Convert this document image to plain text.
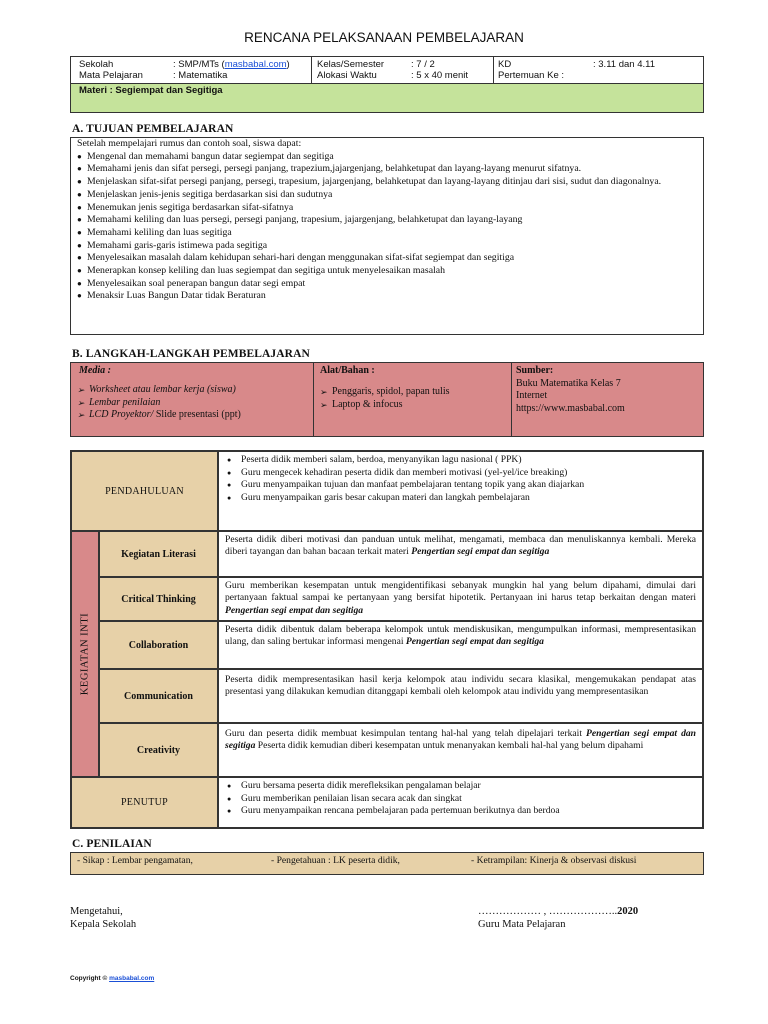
RENCANA PELAKSANAAN PEMBELAJARAN
Sekolah	: SMP/MTs (masbabal.com)	Kelas/Semester	: 7 / 2	KD	: 3.11 dan 4.11
Mata Pelajaran	: Matematika	Alokasi Waktu	: 5 x 40 menit	Pertemuan Ke :
Materi : Segiempat dan Segitiga
A. TUJUAN PEMBELAJARAN
Setelah mempelajari rumus dan contoh soal, siswa dapat:
● Mengenal dan memahami bangun datar segiempat dan segitiga
● Memahami jenis dan sifat persegi, persegi panjang, trapezium,jajargenjang, belahketupat dan layang-layang menurut sifatnya.
● Menjelaskan sifat-sifat persegi panjang, persegi, trapesium, jajargenjang, belahketupat dan layang-layang ditinjau dari sisi, sudut dan diagonalnya.
● Menjelaskan jenis-jenis segitiga berdasarkan sisi dan sudutnya
● Menemukan jenis segitiga berdasarkan sifat-sifatnya
● Memahami keliling dan luas persegi, persegi panjang, trapesium, jajargenjang, belahketupat dan layang-layang
● Memahami keliling dan luas segitiga
● Memahami garis-garis istimewa pada segitiga
● Menyelesaikan masalah dalam kehidupan sehari-hari dengan menggunakan sifat-sifat segiempat dan segitiga
● Menerapkan konsep keliling dan luas segiempat dan segitiga untuk menyelesaikan masalah
● Menyelesaikan soal penerapan bangun datar segi empat
● Menaksir Luas Bangun Datar tidak Beraturan
B. LANGKAH-LANGKAH PEMBELAJARAN
Media :
➢ Worksheet atau lembar kerja (siswa)
➢ Lembar penilaian
➢ LCD Proyektor/ Slide presentasi (ppt)
Alat/Bahan :
➢ Penggaris, spidol, papan tulis
➢ Laptop & infocus
Sumber:
Buku Matematika Kelas 7
Internet
https://www.masbabal.com
PENDAHULUAN
● Peserta didik memberi salam, berdoa, menyanyikan lagu nasional ( PPK)
● Guru mengecek kehadiran peserta didik dan memberi motivasi (yel-yel/ice breaking)
● Guru menyampaikan tujuan dan manfaat pembelajaran tentang topik yang akan diajarkan
● Guru menyampaikan garis besar cakupan materi dan langkah pembelajaran
KEGIATAN INTI
Kegiatan Literasi
Peserta didik diberi motivasi dan panduan untuk melihat, mengamati, membaca dan menuliskannya kembali. Mereka diberi tayangan dan bahan bacaan terkait materi Pengertian segi empat dan segitiga
Critical Thinking
Guru memberikan kesempatan untuk mengidentifikasi sebanyak mungkin hal yang belum dipahami, dimulai dari pertanyaan faktual sampai ke pertanyaan yang bersifat hipotetik. Pertanyaan ini harus tetap berkaitan dengan materi Pengertian segi empat dan segitiga
Collaboration
Peserta didik dibentuk dalam beberapa kelompok untuk mendiskusikan, mengumpulkan informasi, mempresentasikan ulang, dan saling bertukar informasi mengenai Pengertian segi empat dan segitiga
Communication
Peserta didik mempresentasikan hasil kerja kelompok atau individu secara klasikal, mengemukakan pendapat atas presentasi yang dilakukan kemudian ditanggapi kembali oleh kelompok atau individu yang mempresentasikan
Creativity
Guru dan peserta didik membuat kesimpulan tentang hal-hal yang telah dipelajari terkait Pengertian segi empat dan segitiga Peserta didik kemudian diberi kesempatan untuk menanyakan kembali hal-hal yang belum dipahami
PENUTUP
● Guru bersama peserta didik merefleksikan pengalaman belajar
● Guru memberikan penilaian lisan secara acak dan singkat
● Guru menyampaikan rencana pembelajaran pada pertemuan berikutnya dan berdoa
C. PENILAIAN
- Sikap : Lembar pengamatan,	- Pengetahuan : LK peserta didik,	- Ketrampilan: Kinerja & observasi diskusi
Mengetahui,
Kepala Sekolah
……………… , ………………..2020
Guru Mata Pelajaran
Copyright © masbabal.com
